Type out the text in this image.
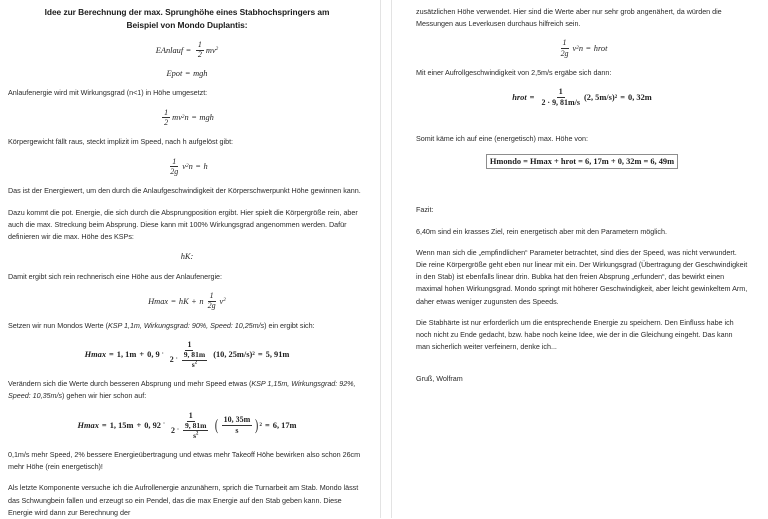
Idee zur Berechnung der max. Sprunghöhe eines Stabhochspringers am
Beispiel von Mondo Duplantis:
EAnlauf = $\frac{1}{2}$ m v 2
Epot = mgh

Anlaufenergie wird mit Wirkungsgrad (n<1) in Höhe umgesetzt:

$\frac{1}{2}$ m v 2 n = mgh

Körpergewicht fällt raus, steckt implizit im Speed, nach h aufgelöst gibt:

$\frac{1}{2g}$ v 2 n = h

Das ist der Energiewert, um den durch die Anlaufgeschwindigkeit der Körperschwerpunkt Höhe gewinnen kann.

Dazu kommt die pot. Energie, die sich durch die Absprungposition ergibt. Hier spielt die Körpergröße rein, aber auch die max. Streckung beim Absprung. Diese kann mit 100% Wirkungsgrad angenommen werden. Dafür definieren wir die max. Höhe des KSPs:

hK:

Damit ergibt sich rein rechnerisch eine Höhe aus der Anlaufenergie:

Hmax = hK + n $\frac{1}{2g}$ v 2

Setzen wir nun Mondos Werte (KSP 1,1m, Wirkungsgrad: 90%, Speed: 10,25m/s) ein ergibt sich:

Hmax = 1, 1m + 0, 9 ·
1
$2 \cdot \frac{9, 81m}{s^2} (10$, 25m/s) 2 = 5, 91m

Verändern sich die Werte durch besseren Absprung und mehr Speed etwas (KSP 1,15m, Wirkungsgrad: 92%, Speed: 10,35m/s) gehen wir hier schon auf:

Hmax = 1, 15m + 0, 92 ·
1
$2 \cdot \frac{9, 81m}{s^2}$ ( $\frac{10, 35m}{s}$ ) 2 = 6, 17m

0,1m/s mehr Speed, 2% bessere Energieübertragung und etwas mehr Takeoff Höhe bewirken also schon 26cm mehr Höhe (rein energetisch)!

Als letzte Komponente versuche ich die Aufrollenergie anzunähern, sprich die Turnarbeit am Stab. Mondo lässt das Schwungbein fallen und erzeugt so ein Pendel, das die max Energie auf den Stab geben kann. Diese Energie wird dann zur Berechnung der

zusätzlichen Höhe verwendet. Hier sind die Werte aber nur sehr grob angenähert, da würden die Messungen aus Leverkusen durchaus hilfreich sein.

$\frac{1}{2g}$ v 2 n = hrot

Mit einer Aufrollgeschwindigkeit von 2,5m/s ergäbe sich dann:

hrot = $\frac{1}{2 \cdot 9, 81m/s} (2$, 5m/s) 2 = 0, 32m

Somit käme ich auf eine (energetisch) max. Höhe von:

Hmondo = Hmax + hrot = 6, 17m + 0, 32m = 6, 49m

Fazit:

6,40m sind ein krasses Ziel, rein energetisch aber mit den Parametern möglich.

Wenn man sich die „empfindlichen“ Parameter betrachtet, sind dies der Speed, was nicht verwundert. Die reine Körpergröße geht eben nur linear mit ein. Der Wirkungsgrad (Übertragung der Geschwindigkeit in den Stab) ist ebenfalls linear drin. Bubka hat den freien Absprung „erfunden“, das bewirkt einen maximal hohen Wirkungsgrad. Mondo springt mit höherer Geschwindigkeit, aber leicht gewinkeltem Arm, daher etwas weniger zugunsten des Speeds.

Die Stabhärte ist nur erforderlich um die entsprechende Energie zu speichern. Den Einfluss habe ich noch nicht zu Ende gedacht, bzw. habe noch keine Idee, wie der in die Gleichung eingeht. Das kann man sicherlich weiter verfeinern, denke ich...

Gruß, Wolfram
